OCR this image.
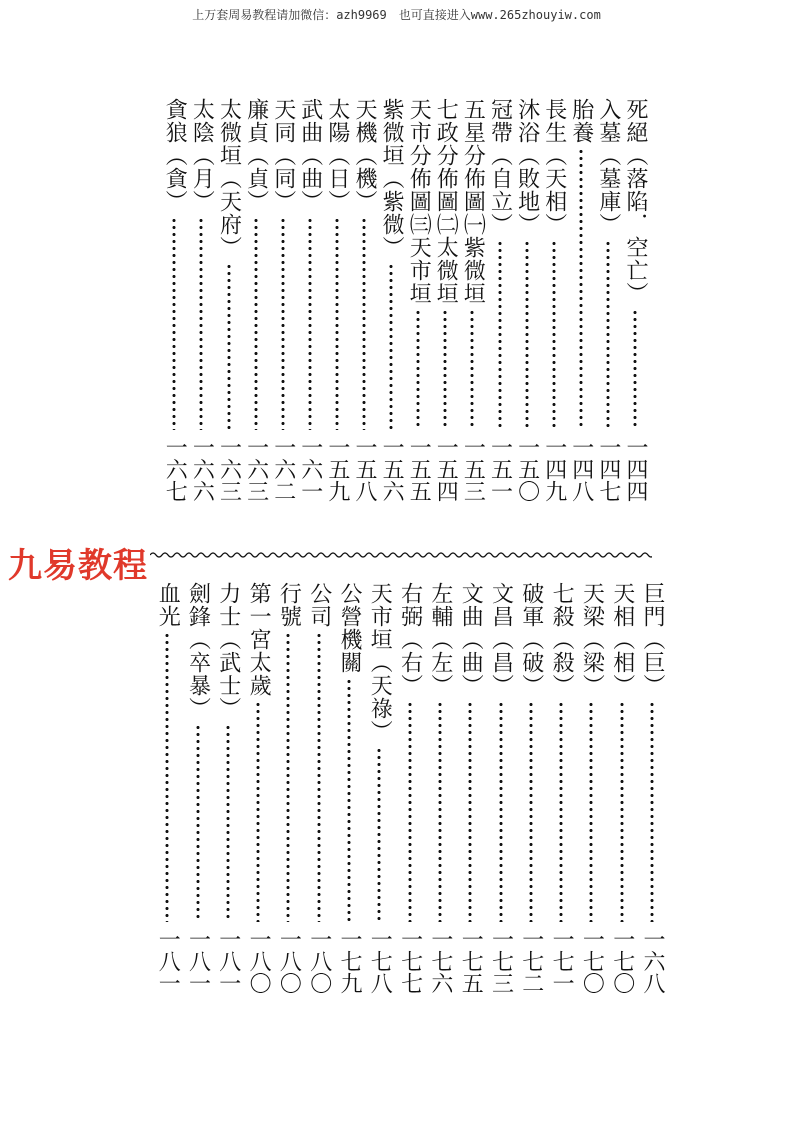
上万套周易教程请加微信：azh9969　也可直接进入www.265zhouyiw.com
死絕（落陷．空亡）
一四四
入墓（墓庫）
一四七
胎養
一四八
長生（天相）
一四九
沐浴（敗地）
一五〇
冠帶（自立）
一五一
五星分佈圖㈠紫微垣
一五三
七政分佈圖㈡太微垣
一五四
天市分佈圖㈢天市垣
一五五
紫微垣（紫微）
一五六
天機（機）
一五八
太陽（日）
一五九
武曲（曲）
一六一
天同（同）
一六二
廉貞（貞）
一六三
太微垣（天府）
一六三
太陰（月）
一六六
貪狼（貪）
一六七
九易教程
巨門（巨）
一六八
天相（相）
一七〇
天梁（梁）
一七〇
七殺（殺）
一七一
破軍（破）
一七二
文昌（昌）
一七三
文曲（曲）
一七五
左輔（左）
一七六
右弼（右）
一七七
天市垣（天祿）
一七八
公營機關
一七九
公司
一八〇
行號
一八〇
第一宮太歲
一八〇
力士（武士）
一八一
劍鋒（卒暴）
一八一
血光
一八一
